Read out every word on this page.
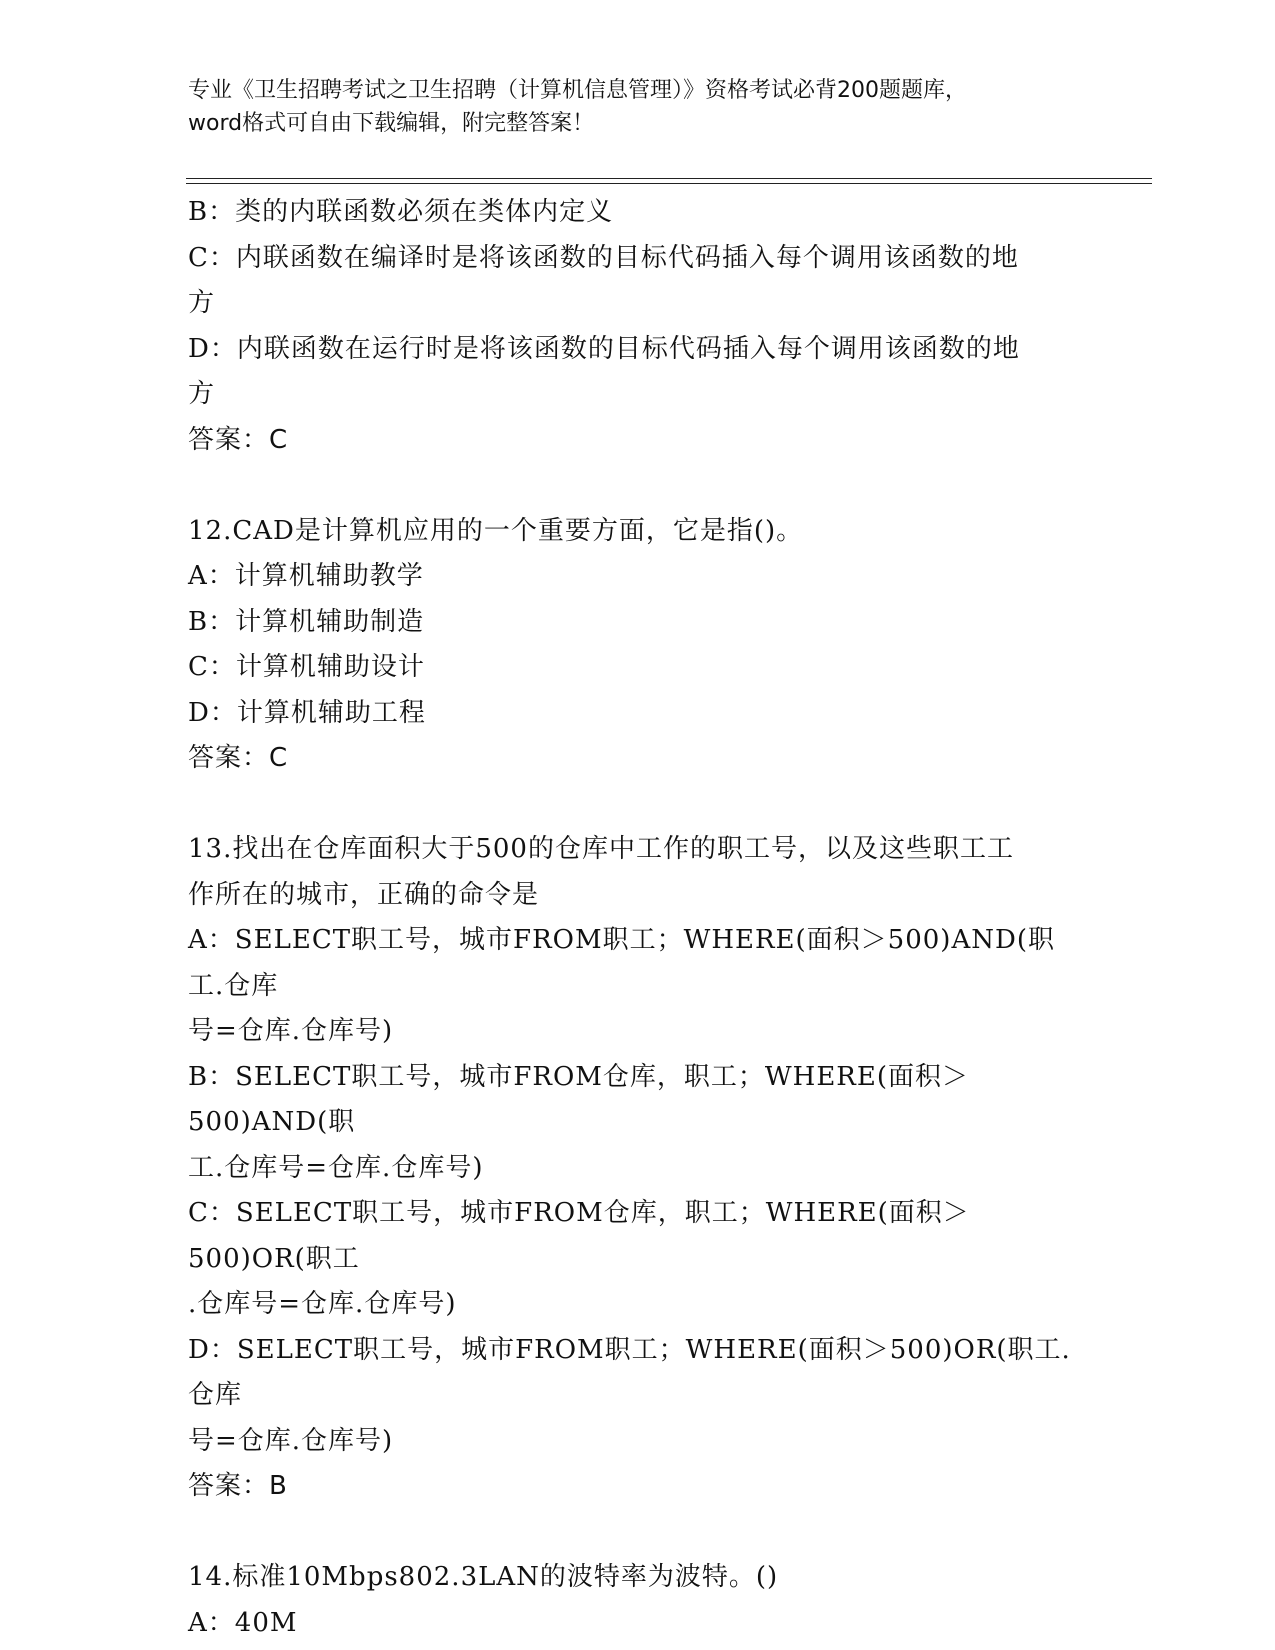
专业《卫生招聘考试之卫生招聘（计算机信息管理）》资格考试必背200题题库，
word格式可自由下载编辑，附完整答案！
B：类的内联函数必须在类体内定义
C：内联函数在编译时是将该函数的目标代码插入每个调用该函数的地
方
D：内联函数在运行时是将该函数的目标代码插入每个调用该函数的地
方
答案：C
12.CAD是计算机应用的一个重要方面，它是指()。
A：计算机辅助教学
B：计算机辅助制造
C：计算机辅助设计
D：计算机辅助工程
答案：C
13.找出在仓库面积大于500的仓库中工作的职工号，以及这些职工工
作所在的城市，正确的命令是
A：SELECT职工号，城市FROM职工；WHERE(面积＞500)AND(职工.仓库
号=仓库.仓库号)
B：SELECT职工号，城市FROM仓库，职工；WHERE(面积＞500)AND(职
工.仓库号=仓库.仓库号)
C：SELECT职工号，城市FROM仓库，职工；WHERE(面积＞500)OR(职工
.仓库号=仓库.仓库号)
D：SELECT职工号，城市FROM职工；WHERE(面积＞500)OR(职工.仓库
号=仓库.仓库号)
答案：B
14.标准10Mbps802.3LAN的波特率为波特。()
A：40M
